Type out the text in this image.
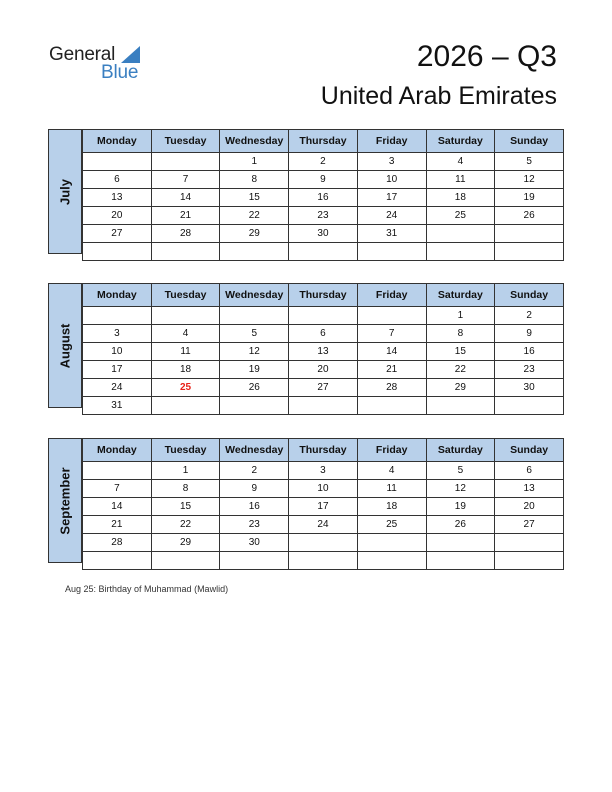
General
Blue	2026 – Q3
United Arab Emirates
July
Monday	Tuesday	Wednesday	Thursday	Friday	Saturday	Sunday
		1	2	3	4	5
6	7	8	9	10	11	12
13	14	15	16	17	18	19
20	21	22	23	24	25	26
27	28	29	30	31		

August
Monday	Tuesday	Wednesday	Thursday	Friday	Saturday	Sunday
					1	2
3	4	5	6	7	8	9
10	11	12	13	14	15	16
17	18	19	20	21	22	23
24	25	26	27	28	29	30
31						
September
Monday	Tuesday	Wednesday	Thursday	Friday	Saturday	Sunday
	1	2	3	4	5	6
7	8	9	10	11	12	13
14	15	16	17	18	19	20
21	22	23	24	25	26	27
28	29	30				

Aug 25: Birthday of Muhammad (Mawlid)
